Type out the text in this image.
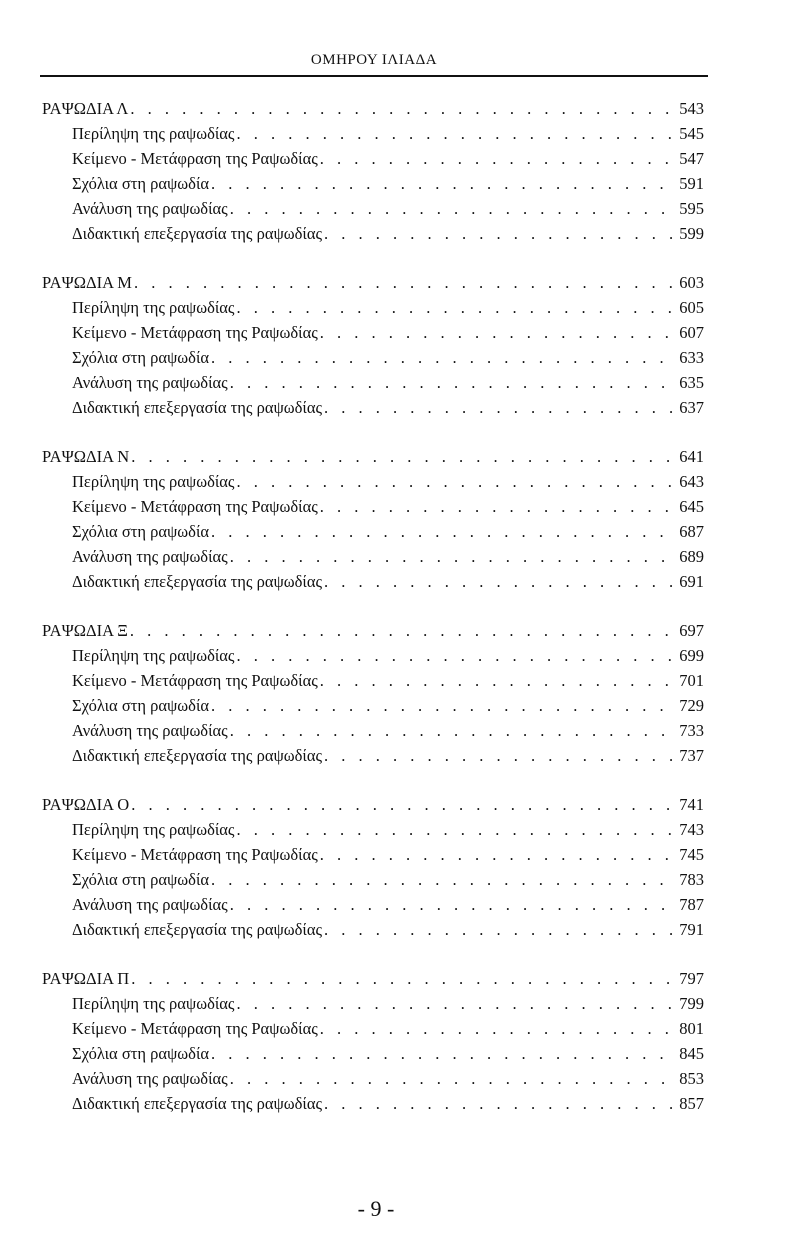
ΟΜΗΡΟΥ ΙΛΙΑΔΑ
ΡΑΨΩΔΙΑ Λ . . .	543
Περίληψη της ραψωδίας . . .	545
Κείμενο - Μετάφραση της Ραψωδίας . . .	547
Σχόλια στη ραψωδία . . .	591
Ανάλυση της ραψωδίας . . .	595
Διδακτική επεξεργασία της ραψωδίας . . .	599
ΡΑΨΩΔΙΑ Μ . . .	603
Περίληψη της ραψωδίας . . .	605
Κείμενο - Μετάφραση της Ραψωδίας . . .	607
Σχόλια στη ραψωδία . . .	633
Ανάλυση της ραψωδίας . . .	635
Διδακτική επεξεργασία της ραψωδίας . . .	637
ΡΑΨΩΔΙΑ Ν . . .	641
Περίληψη της ραψωδίας . . .	643
Κείμενο - Μετάφραση της Ραψωδίας . . .	645
Σχόλια στη ραψωδία . . .	687
Ανάλυση της ραψωδίας . . .	689
Διδακτική επεξεργασία της ραψωδίας . . .	691
ΡΑΨΩΔΙΑ Ξ . . .	697
Περίληψη της ραψωδίας . . .	699
Κείμενο - Μετάφραση της Ραψωδίας . . .	701
Σχόλια στη ραψωδία . . .	729
Ανάλυση της ραψωδίας . . .	733
Διδακτική επεξεργασία της ραψωδίας . . .	737
ΡΑΨΩΔΙΑ Ο . . .	741
Περίληψη της ραψωδίας . . .	743
Κείμενο - Μετάφραση της Ραψωδίας . . .	745
Σχόλια στη ραψωδία . . .	783
Ανάλυση της ραψωδίας . . .	787
Διδακτική επεξεργασία της ραψωδίας . . .	791
ΡΑΨΩΔΙΑ Π . . .	797
Περίληψη της ραψωδίας . . .	799
Κείμενο - Μετάφραση της Ραψωδίας . . .	801
Σχόλια στη ραψωδία . . .	845
Ανάλυση της ραψωδίας . . .	853
Διδακτική επεξεργασία της ραψωδίας . . .	857
- 9 -
